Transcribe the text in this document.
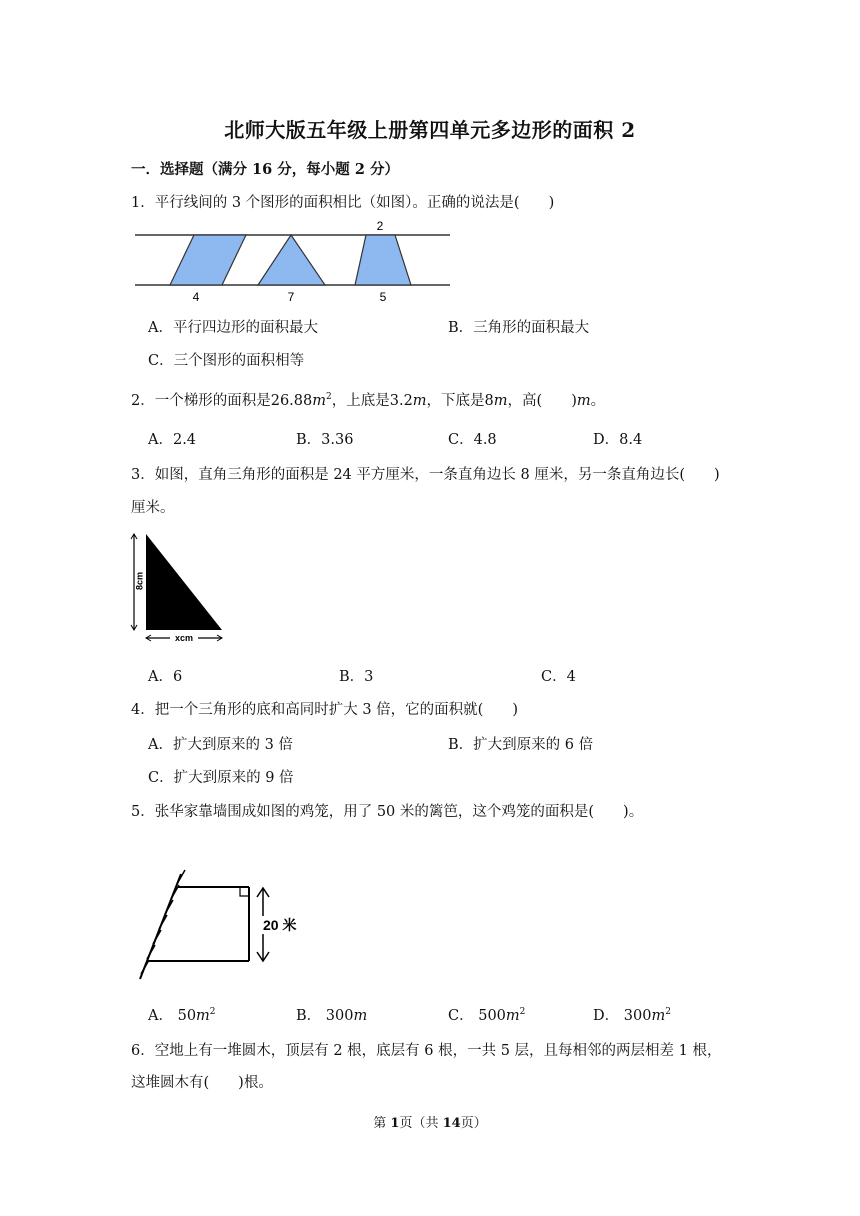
北师大版五年级上册第四单元多边形的面积 2
一．选择题（满分 16 分，每小题 2 分）
1．平行线间的 3 个图形的面积相比（如图）。正确的说法是(　　)
2
4	7	5
A．平行四边形的面积最大	B．三角形的面积最大
C．三个图形的面积相等
2．一个梯形的面积是$26.88m^2$，上底是3.2m，下底是8m，高(　　)m。
A．2.4	B．3.36	C．4.8	D．8.4
3．如图，直角三角形的面积是 24 平方厘米，一条直角边长 8 厘米，另一条直角边长(　　)
厘米。
8cm
xcm
A．6	B．3	C．4
4．把一个三角形的底和高同时扩大 3 倍，它的面积就(　　)
A．扩大到原来的 3 倍	B．扩大到原来的 6 倍
C．扩大到原来的 9 倍
5．张华家靠墙围成如图的鸡笼，用了 50 米的篱笆，这个鸡笼的面积是(　　)。
20 米
A． $50m^2$	B． 300m	C． $500m^2$	D． $300m^2$
6．空地上有一堆圆木，顶层有 2 根，底层有 6 根，一共 5 层，且每相邻的两层相差 1 根，
这堆圆木有(　　)根。
第 1页（共 14页）
